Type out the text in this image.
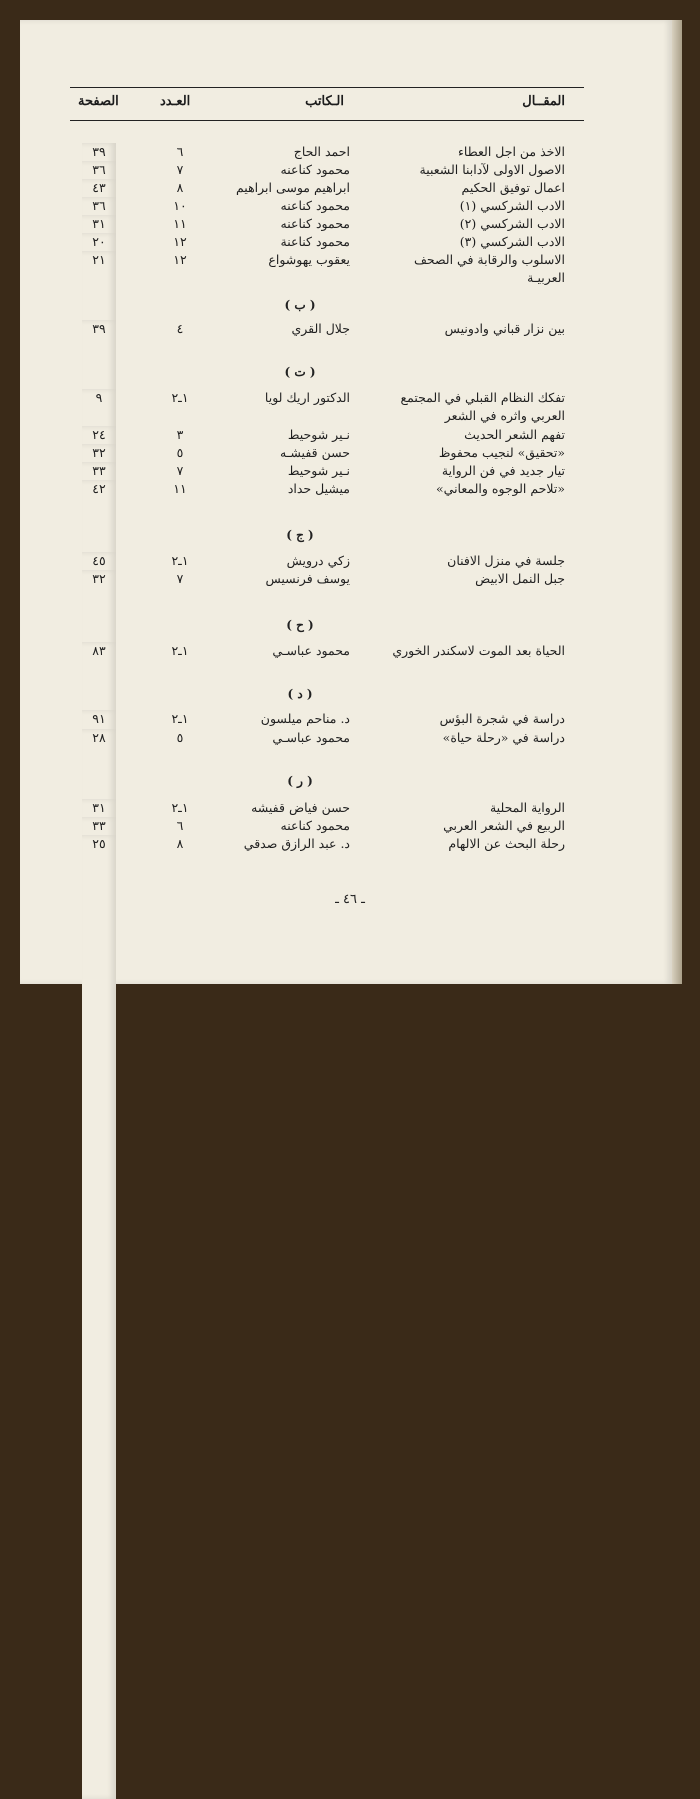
المقــال
الـكاتب
العـدد
الصفحة
الاخذ من اجل العطاء
احمد الحاج
٦
٣٩
الاصول الاولى لآدابنا الشعبية
محمود كناعنه
٧
٣٦
اعمال توفيق الحكيم
ابراهيم موسى ابراهيم
٨
٤٣
الادب الشركسي (١)
محمود كناعنه
١٠
٣٦
الادب الشركسي (٢)
محمود كناعنه
١١
٣١
الادب الشركسي (٣)
محمود كناعنة
١٢
٢٠
الاسلوب والرقابة في الصحف
يعقوب يهوشواع
١٢
٢١
العربيـة
( ب )
بين نزار قباني وادونيس
جلال القري
٤
٣٩
( ت )
تفكك النظام القبلي في المجتمع
الدكتور اريك لويا
١ـ٢
٩
العربي واثره في الشعر
تفهم الشعر الحديث
نـير شوحيط
٣
٢٤
«تحقيق» لنجيب محفوظ
حسن قفيشـه
٥
٣٢
تيار جديد في فن الرواية
نـير شوحيط
٧
٣٣
«تلاحم الوجوه والمعاني»
ميشيل حداد
١١
٤٢
( ج )
جلسة في منزل الافنان
زكي درويش
١ـ٢
٤٥
جبل النمل الابيض
يوسف فرنسيس
٧
٣٢
( ح )
الحياة بعد الموت لاسكندر الخوري
محمود عباسـي
١ـ٢
٨٣
( د )
دراسة في شجرة البؤس
د. مناحم ميلسون
١ـ٢
٩١
دراسة في «رحلة حياة»
محمود عباسـي
٥
٢٨
( ر )
الرواية المحلية
حسن فياض قفيشه
١ـ٢
٣١
الربيع في الشعر العربي
محمود كناعنه
٦
٣٣
رحلة البحث عن الالهام
د. عبد الرازق صدقي
٨
٢٥
ـ ٤٦ ـ
